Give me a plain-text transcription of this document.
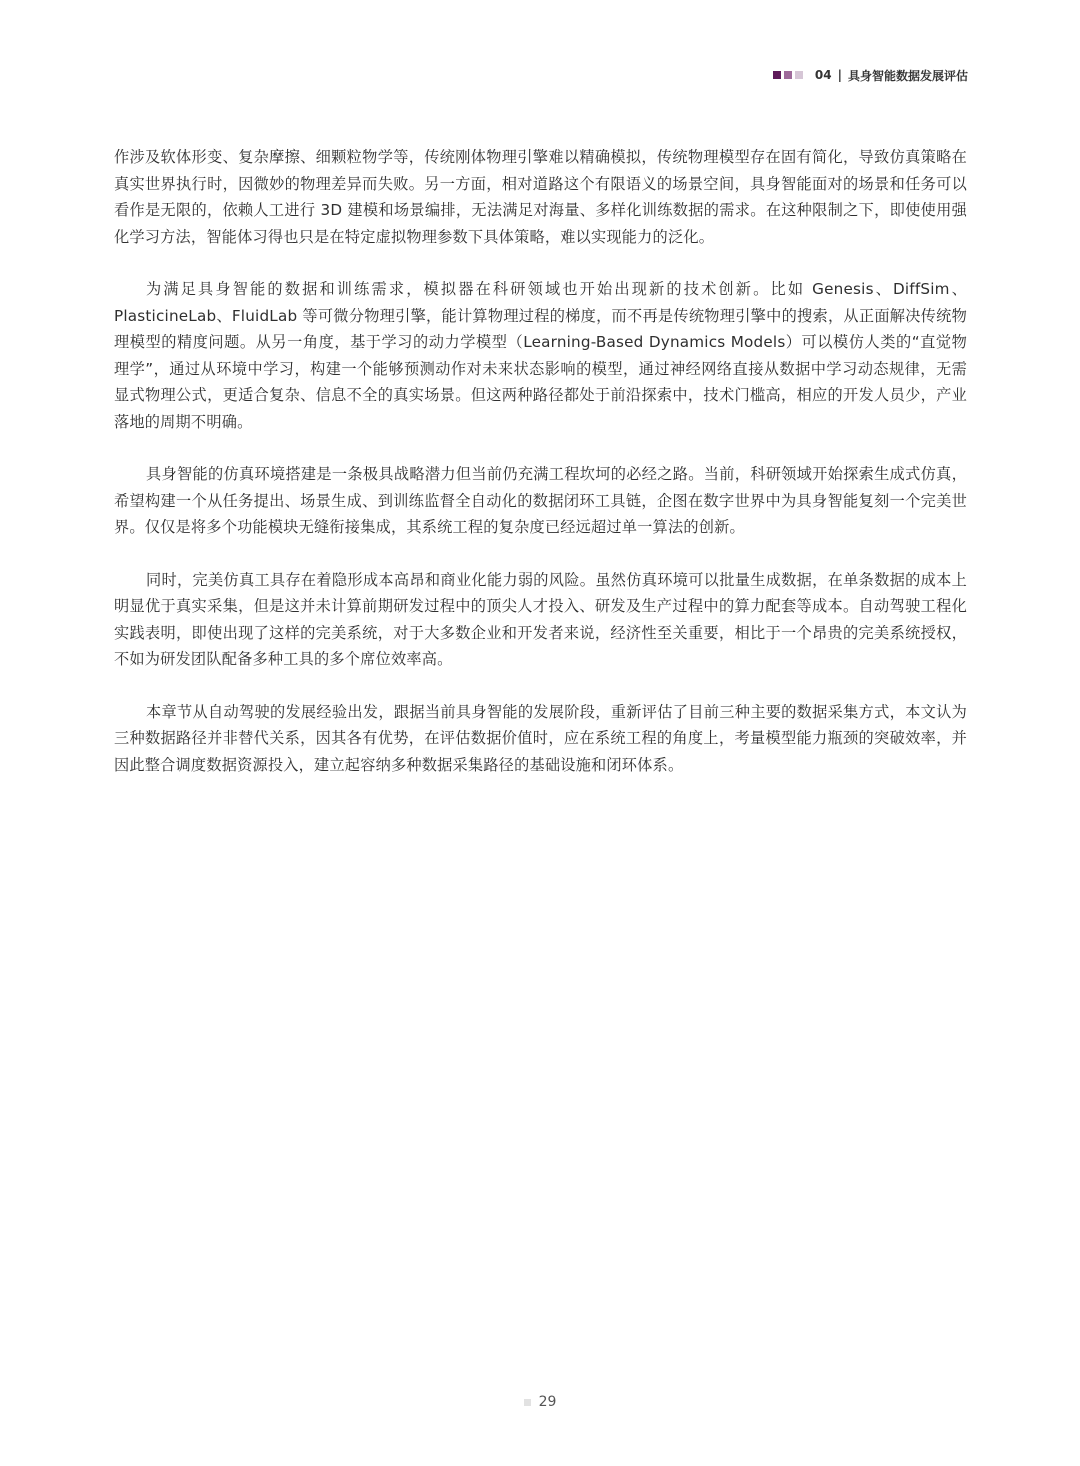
04 | 具身智能数据发展评估

作涉及软体形变、复杂摩擦、细颗粒物学等，传统刚体物理引擎难以精确模拟，传统物理模型存在固有简化，导致仿真策略在真实世界执行时，因微妙的物理差异而失败。另一方面，相对道路这个有限语义的场景空间，具身智能面对的场景和任务可以看作是无限的，依赖人工进行 3D 建模和场景编排，无法满足对海量、多样化训练数据的需求。在这种限制之下，即使使用强化学习方法，智能体习得也只是在特定虚拟物理参数下具体策略，难以实现能力的泛化。

为满足具身智能的数据和训练需求，模拟器在科研领域也开始出现新的技术创新。比如 Genesis、DiffSim、PlasticineLab、FluidLab 等可微分物理引擎，能计算物理过程的梯度，而不再是传统物理引擎中的搜索，从正面解决传统物理模型的精度问题。从另一角度，基于学习的动力学模型（Learning-Based Dynamics Models）可以模仿人类的“直觉物理学”，通过从环境中学习，构建一个能够预测动作对未来状态影响的模型，通过神经网络直接从数据中学习动态规律，无需显式物理公式，更适合复杂、信息不全的真实场景。但这两种路径都处于前沿探索中，技术门槛高，相应的开发人员少，产业落地的周期不明确。

具身智能的仿真环境搭建是一条极具战略潜力但当前仍充满工程坎坷的必经之路。当前，科研领域开始探索生成式仿真，希望构建一个从任务提出、场景生成、到训练监督全自动化的数据闭环工具链，企图在数字世界中为具身智能复刻一个完美世界。仅仅是将多个功能模块无缝衔接集成，其系统工程的复杂度已经远超过单一算法的创新。

同时，完美仿真工具存在着隐形成本高昂和商业化能力弱的风险。虽然仿真环境可以批量生成数据，在单条数据的成本上明显优于真实采集，但是这并未计算前期研发过程中的顶尖人才投入、研发及生产过程中的算力配套等成本。自动驾驶工程化实践表明，即使出现了这样的完美系统，对于大多数企业和开发者来说，经济性至关重要，相比于一个昂贵的完美系统授权，不如为研发团队配备多种工具的多个席位效率高。

本章节从自动驾驶的发展经验出发，跟据当前具身智能的发展阶段，重新评估了目前三种主要的数据采集方式，本文认为三种数据路径并非替代关系，因其各有优势，在评估数据价值时，应在系统工程的角度上，考量模型能力瓶颈的突破效率，并因此整合调度数据资源投入，建立起容纳多种数据采集路径的基础设施和闭环体系。

29
